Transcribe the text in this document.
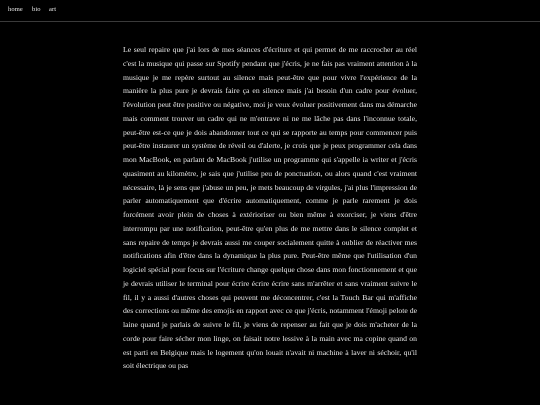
home bio art

Le seul repaire que j'ai lors de mes séances d'écriture et qui permet de me raccrocher au réel c'est la musique qui passe sur Spotify pendant que j'écris, je ne fais pas vraiment attention à la musique je me repère surtout au silence mais peut-être que pour vivre l'expérience de la manière la plus pure je devrais faire ça en silence mais j'ai besoin d'un cadre pour évoluer, l'évolution peut être positive ou négative, moi je veux évoluer positivement dans ma démarche mais comment trouver un cadre qui ne m'entrave ni ne me lâche pas dans l'inconnue totale, peut-être est-ce que je dois abandonner tout ce qui se rapporte au temps pour commencer puis peut-être instaurer un système de réveil ou d'alerte, je crois que je peux programmer cela dans mon MacBook, en parlant de MacBook j'utilise un programme qui s'appelle ia writer et j'écris quasiment au kilomètre, je sais que j'utilise peu de ponctuation, ou alors quand c'est vraiment nécessaire, là je sens que j'abuse un peu, je mets beaucoup de virgules, j'ai plus l'impression de parler automatiquement que d'écrire automatiquement, comme je parle rarement je dois forcément avoir plein de choses à extérioriser ou bien même à exorciser, je viens d'être interrompu par une notification, peut-être qu'en plus de me mettre dans le silence complet et sans repaire de temps je devrais aussi me couper socialement quitte à oublier de réactiver mes notifications afin d'être dans la dynamique la plus pure. Peut-être même que l'utilisation d'un logiciel spécial pour focus sur l'écriture change quelque chose dans mon fonctionnement et que je devrais utiliser le terminal pour écrire écrire écrire sans m'arrêter et sans vraiment suivre le fil, il y a aussi d'autres choses qui peuvent me déconcentrer, c'est la Touch Bar qui m'affiche des corrections ou même des emojis en rapport avec ce que j'écris, notamment l'émoji pelote de laine quand je parlais de suivre le fil, je viens de repenser au fait que je dois m'acheter de la corde pour faire sécher mon linge, on faisait notre lessive à la main avec ma copine quand on est parti en Belgique mais le logement qu'on louait n'avait ni machine à laver ni séchoir, qu'il soit électrique ou pas
